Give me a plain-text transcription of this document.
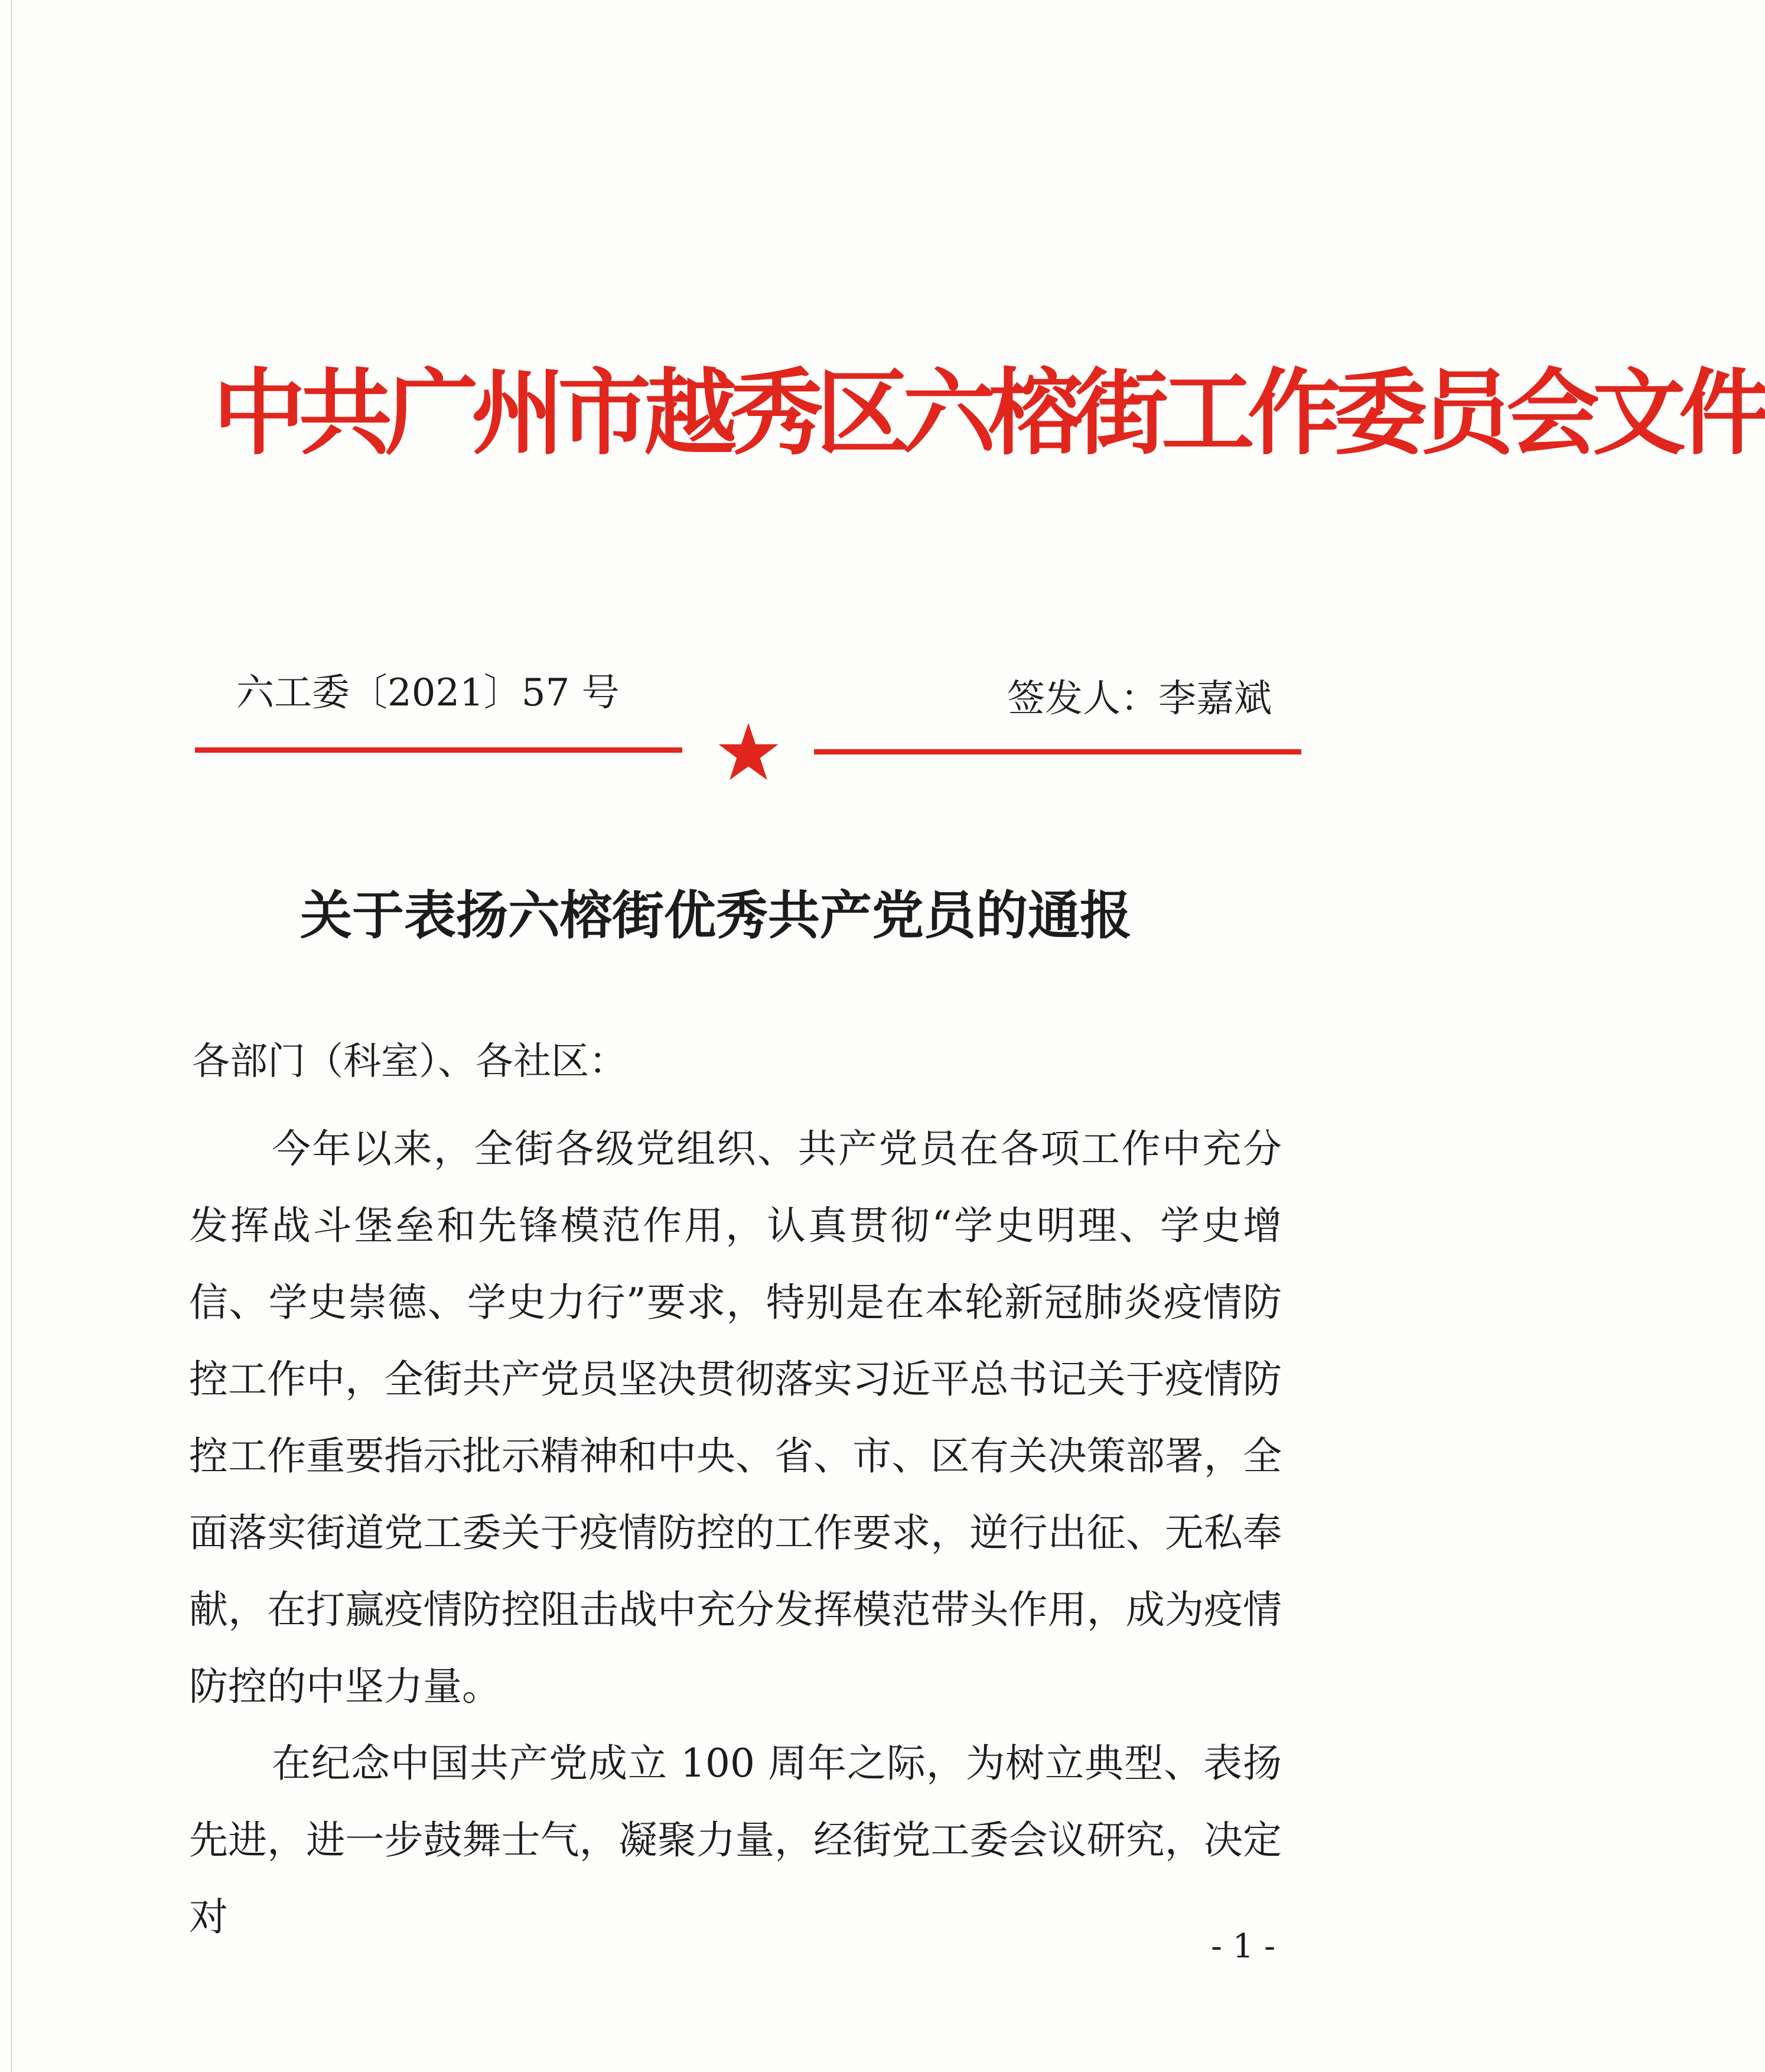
中共广州市越秀区六榕街工作委员会文件
六工委〔2021〕57 号	签发人：李嘉斌
关于表扬六榕街优秀共产党员的通报
各部门（科室）、各社区：

今年以来，全街各级党组织、共产党员在各项工作中充分发挥战斗堡垒和先锋模范作用，认真贯彻“学史明理、学史增信、学史崇德、学史力行”要求，特别是在本轮新冠肺炎疫情防控工作中，全街共产党员坚决贯彻落实习近平总书记关于疫情防控工作重要指示批示精神和中央、省、市、区有关决策部署，全面落实街道党工委关于疫情防控的工作要求，逆行出征、无私奉献，在打赢疫情防控阻击战中充分发挥模范带头作用，成为疫情防控的中坚力量。

在纪念中国共产党成立 100 周年之际，为树立典型、表扬先进，进一步鼓舞士气，凝聚力量，经街党工委会议研究，决定对

- 1 -
